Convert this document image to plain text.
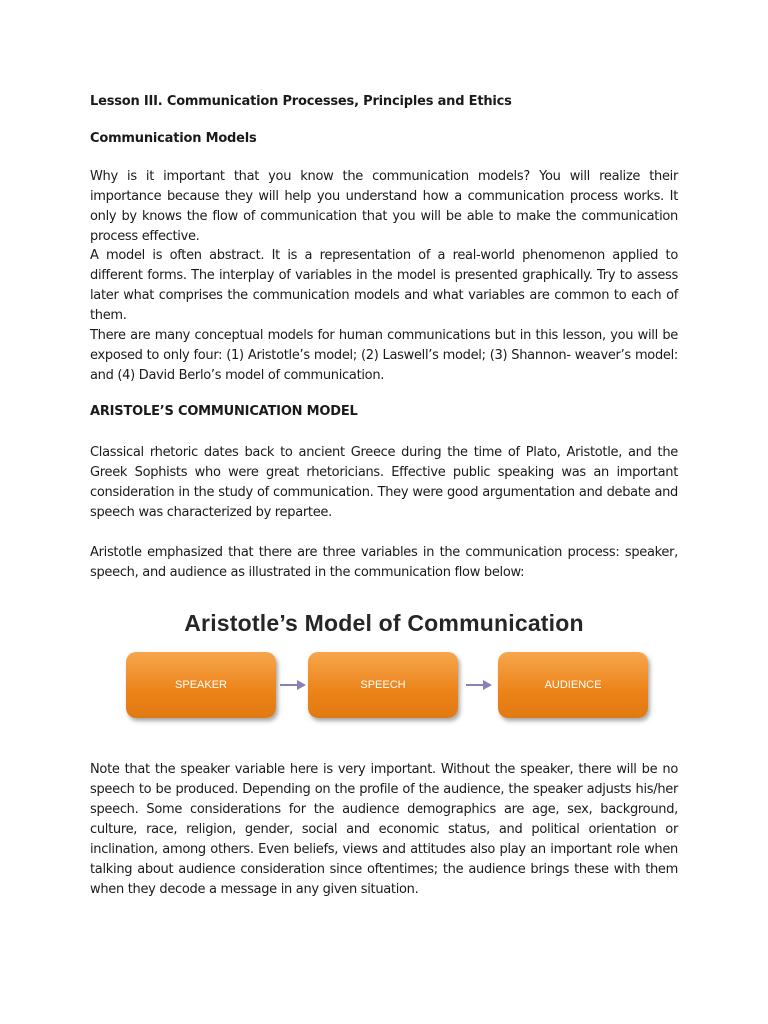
Lesson III. Communication Processes, Principles and Ethics
Communication Models
Why is it important that you know the communication models? You will realize their importance because they will help you understand how a communication process works. It only by knows the flow of communication that you will be able to make the communication process effective.
A model is often abstract. It is a representation of a real-world phenomenon applied to different forms. The interplay of variables in the model is presented graphically. Try to assess later what comprises the communication models and what variables are common to each of them.
There are many conceptual models for human communications but in this lesson, you will be exposed to only four: (1) Aristotle’s model; (2) Laswell’s model; (3) Shannon- weaver’s model: and (4) David Berlo’s model of communication.
ARISTOLE’S COMMUNICATION MODEL
Classical rhetoric dates back to ancient Greece during the time of Plato, Aristotle, and the Greek Sophists who were great rhetoricians. Effective public speaking was an important consideration in the study of communication. They were good argumentation and debate and speech was characterized by repartee.
Aristotle emphasized that there are three variables in the communication process: speaker, speech, and audience as illustrated in the communication flow below:
Aristotle’s Model of Communication
SPEAKER	SPEECH	AUDIENCE
Note that the speaker variable here is very important. Without the speaker, there will be no speech to be produced. Depending on the profile of the audience, the speaker adjusts his/her speech. Some considerations for the audience demographics are age, sex, background, culture, race, religion, gender, social and economic status, and political orientation or inclination, among others. Even beliefs, views and attitudes also play an important role when talking about audience consideration since oftentimes; the audience brings these with them when they decode a message in any given situation.
